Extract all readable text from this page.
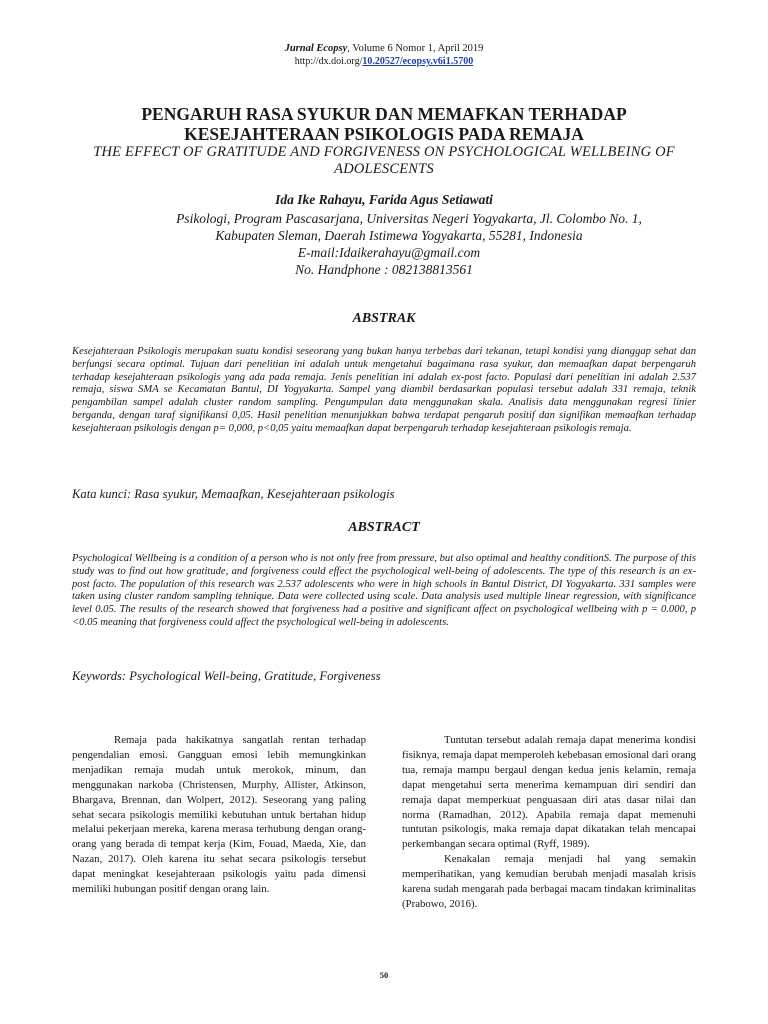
Jurnal Ecopsy, Volume 6 Nomor 1, April 2019
http://dx.doi.org/10.20527/ecopsy.v6i1.5700
PENGARUH RASA SYUKUR DAN MEMAFKAN TERHADAP
KESEJAHTERAAN PSIKOLOGIS PADA REMAJA
THE EFFECT OF GRATITUDE AND FORGIVENESS ON PSYCHOLOGICAL WELLBEING OF ADOLESCENTS
Ida Ike Rahayu, Farida Agus Setiawati
Psikologi, Program Pascasarjana, Universitas Negeri Yogyakarta, Jl. Colombo No. 1,
Kabupaten Sleman, Daerah Istimewa Yogyakarta, 55281, Indonesia
E-mail:Idaikerahayu@gmail.com
No. Handphone : 082138813561
ABSTRAK
Kesejahteraan Psikologis merupakan suatu kondisi seseorang yang bukan hanya terbebas dari tekanan, tetapi kondisi yang dianggap sehat dan berfungsi secara optimal. Tujuan dari penelitian ini adalah untuk mengetahui bagaimana rasa syukur, dan memaafkan dapat berpengaruh terhadap kesejahteraan psikologis yang ada pada remaja. Jenis penelitian ini adalah ex-post facto. Populasi dari penelitian ini adalah 2.537 remaja, siswa SMA se Kecamatan Bantul, DI Yogyakarta. Sampel yang diambil berdasarkan populasi tersebut adalah 331 remaja, teknik pengambilan sampel adalah cluster random sampling. Pengumpulan data menggunakan skala. Analisis data menggunakan regresi linier berganda, dengan taraf signifikansi 0,05. Hasil penelitian menunjukkan bahwa terdapat pengaruh positif dan signifikan memaafkan terhadap kesejahteraan psikologis dengan p= 0,000, p<0,05 yaitu memaafkan dapat berpengaruh terhadap kesejahteraan psikologis remaja.
Kata kunci: Rasa syukur, Memaafkan, Kesejahteraan psikologis
ABSTRACT
Psychological Wellbeing is a condition of a person who is not only free from pressure, but also optimal and healthy conditionS. The purpose of this study was to find out how gratitude, and forgiveness could effect the psychological well-being of adolescents. The type of this research is an ex-post facto. The population of this research was 2.537 adolescents who were in high schools in Bantul District, DI Yogyakarta. 331 samples were taken using cluster random sampling tehnique. Data were collected using scale. Data analysis used multiple linear regression, with significance level 0.05. The results of the research showed that forgiveness had a positive and significant affect on psychological wellbeing with p = 0.000, p <0.05 meaning that forgiveness could affect the psychological well-being in adolescents.
Keywords: Psychological Well-being, Gratitude, Forgiveness

Remaja pada hakikatnya sangatlah rentan terhadap pengendalian emosi. Gangguan emosi lebih memungkinkan menjadikan remaja mudah untuk merokok, minum, dan menggunakan narkoba (Christensen, Murphy, Allister, Atkinson, Bhargava, Brennan, dan Wolpert, 2012). Seseorang yang paling sehat secara psikologis memiliki kebutuhan untuk bertahan hidup melalui pekerjaan mereka, karena merasa terhubung dengan orang-orang yang berada di tempat kerja (Kim, Fouad, Maeda, Xie, dan Nazan, 2017). Oleh karena itu sehat secara psikologis tersebut dapat meningkat kesejahteraan psikologis yaitu pada dimensi memiliki hubungan positif dengan orang lain.

Tuntutan tersebut adalah remaja dapat menerima kondisi fisiknya, remaja dapat memperoleh kebebasan emosional dari orang tua, remaja mampu bergaul dengan kedua jenis kelamin, remaja dapat mengetahui serta menerima kemampuan diri sendiri dan remaja dapat memperkuat penguasaan diri atas dasar nilai dan norma (Ramadhan, 2012). Apabila remaja dapat memenuhi tuntutan psikologis, maka remaja dapat dikatakan telah mencapai perkembangan secara optimal (Ryff, 1989).

Kenakalan remaja menjadi hal yang semakin memperihatikan, yang kemudian berubah menjadi masalah krisis karena sudah mengarah pada berbagai macam tindakan kriminalitas (Prabowo, 2016).

50
